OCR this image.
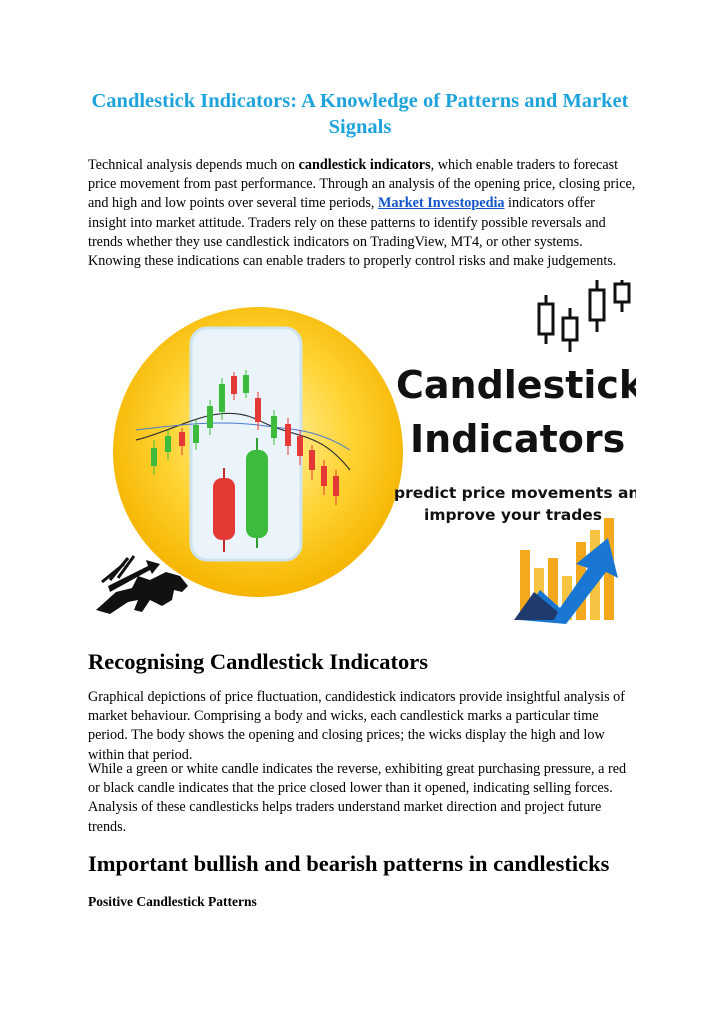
Candlestick Indicators: A Knowledge of Patterns and Market Signals

Technical analysis depends much on candlestick indicators, which enable traders to forecast price movement from past performance. Through an analysis of the opening price, closing price, and high and low points over several time periods, Market Investopedia indicators offer insight into market attitude. Traders rely on these patterns to identify possible reversals and trends whether they use candlestick indicators on TradingView, MT4, or other systems. Knowing these indications can enable traders to properly control risks and make judgements.

Candlestick
Indicators
predict price movements and
improve your trades
Recognising Candlestick Indicators

Graphical depictions of price fluctuation, candidestick indicators provide insightful analysis of market behaviour. Comprising a body and wicks, each candlestick marks a particular time period. The body shows the opening and closing prices; the wicks display the high and low within that period.

While a green or white candle indicates the reverse, exhibiting great purchasing pressure, a red or black candle indicates that the price closed lower than it opened, indicating selling forces. Analysis of these candlesticks helps traders understand market direction and project future trends.

Important bullish and bearish patterns in candlesticks
Positive Candlestick Patterns
